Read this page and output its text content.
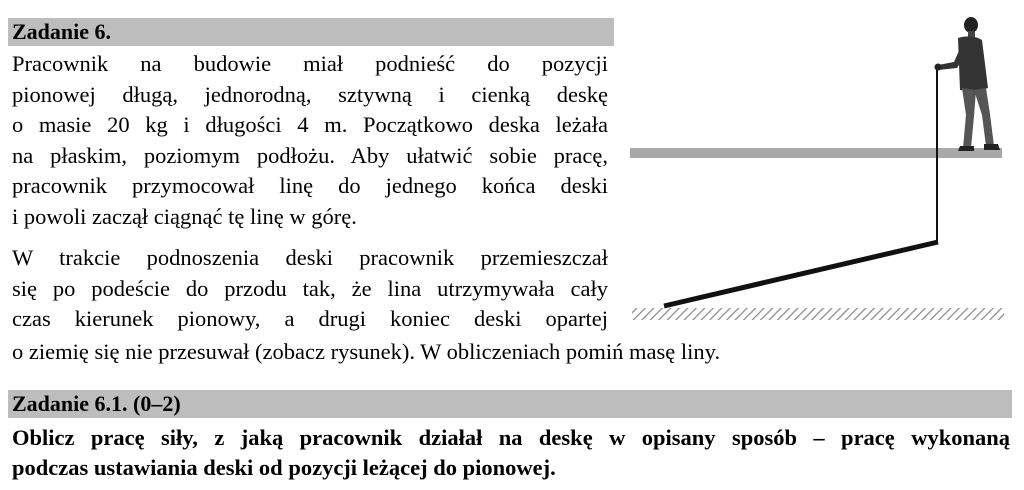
Zadanie 6.
Pracownik na budowie miał podnieść do pozycji
pionowej długą, jednorodną, sztywną i cienką deskę
o masie 20 kg i długości 4 m. Początkowo deska leżała
na płaskim, poziomym podłożu. Aby ułatwić sobie pracę,
pracownik przymocował linę do jednego końca deski
i powoli zaczął ciągnąć tę linę w górę.
W trakcie podnoszenia deski pracownik przemieszczał
się po podeście do przodu tak, że lina utrzymywała cały
czas kierunek pionowy, a drugi koniec deski opartej
o ziemię się nie przesuwał (zobacz rysunek). W obliczeniach pomiń masę liny.
Zadanie 6.1. (0–2)
Oblicz pracę siły, z jaką pracownik działał na deskę w opisany sposób – pracę wykonaną
podczas ustawiania deski od pozycji leżącej do pionowej.
